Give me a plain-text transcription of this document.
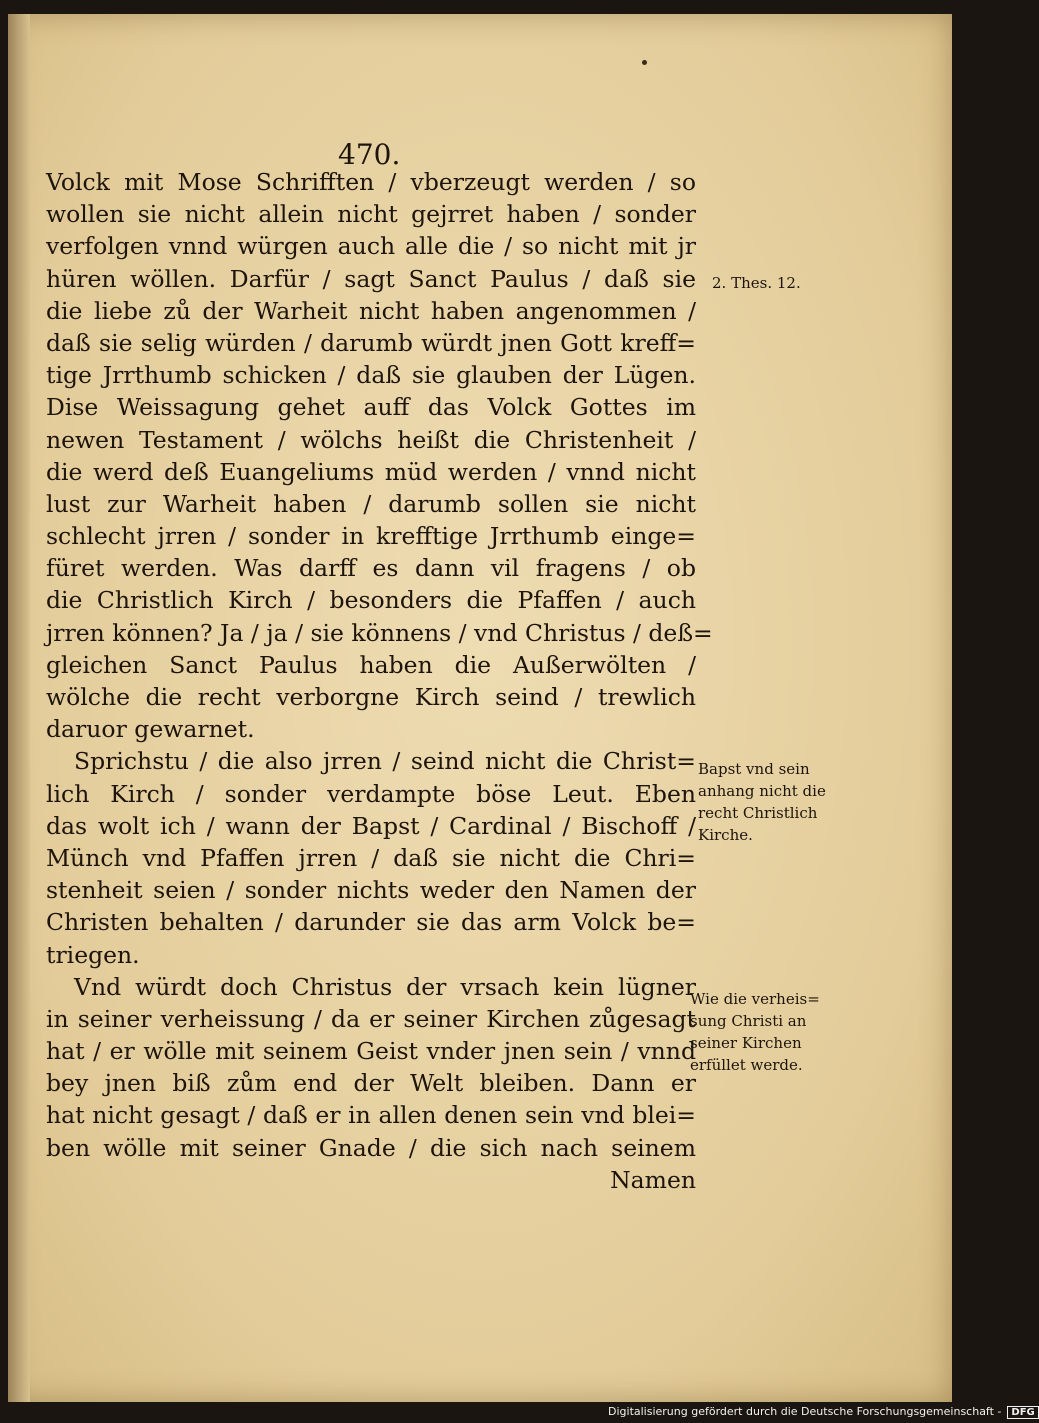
470.
Volck mit Mose Schrifften / vberzeugt werden / so
wollen sie nicht allein nicht gejrret haben / sonder
verfolgen vnnd würgen auch alle die / so nicht mit jr
hüren wöllen. Darfür / sagt Sanct Paulus / daß sie
die liebe zů der Warheit nicht haben angenommen /
daß sie selig würden / darumb würdt jnen Gott kreff=
tige Jrrthumb schicken / daß sie glauben der Lügen.
Dise Weissagung gehet auff das Volck Gottes im
newen Testament / wölchs heißt die Christenheit /
die werd deß Euangeliums müd werden / vnnd nicht
lust zur Warheit haben / darumb sollen sie nicht
schlecht jrren / sonder in krefftige Jrrthumb einge=
füret werden. Was darff es dann vil fragens / ob
die Christlich Kirch / besonders die Pfaffen / auch
jrren können? Ja / ja / sie könnens / vnd Christus / deß=
gleichen Sanct Paulus haben die Außerwölten /
wölche die recht verborgne Kirch seind / trewlich
daruor gewarnet.
Sprichstu / die also jrren / seind nicht die Christ=
lich Kirch / sonder verdampte böse Leut. Eben
das wolt ich / wann der Bapst / Cardinal / Bischoff /
Münch vnd Pfaffen jrren / daß sie nicht die Chri=
stenheit seien / sonder nichts weder den Namen der
Christen behalten / darunder sie das arm Volck be=
triegen.
Vnd würdt doch Christus der vrsach kein lügner
in seiner verheissung / da er seiner Kirchen zůgesagt
hat / er wölle mit seinem Geist vnder jnen sein / vnnd
bey jnen biß zům end der Welt bleiben. Dann er
hat nicht gesagt / daß er in allen denen sein vnd blei=
ben wölle mit seiner Gnade / die sich nach seinem
Namen
2. Thes. 12.
Bapst vnd sein
anhang nicht die
recht Christlich
Kirche.
Wie die verheis=
sung Christi an
seiner Kirchen
erfüllet werde.
Digitalisierung gefördert durch die Deutsche Forschungsgemeinschaft - DFG
